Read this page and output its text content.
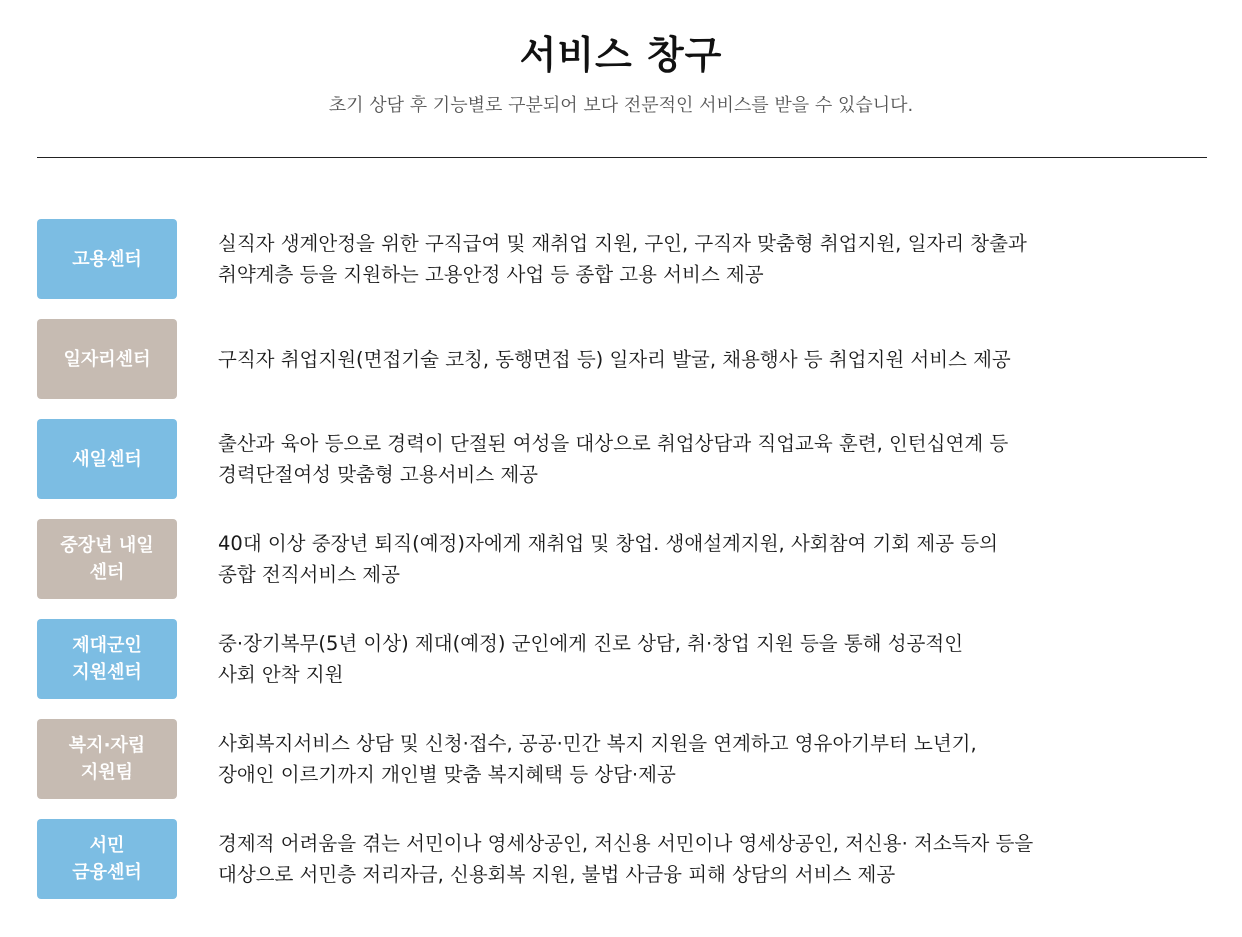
서비스 창구
초기 상담 후 기능별로 구분되어 보다 전문적인 서비스를 받을 수 있습니다.
고용센터
실직자 생계안정을 위한 구직급여 및 재취업 지원, 구인, 구직자 맞춤형 취업지원, 일자리 창출과
취약계층 등을 지원하는 고용안정 사업 등 종합 고용 서비스 제공
일자리센터	구직자 취업지원(면접기술 코칭, 동행면접 등) 일자리 발굴, 채용행사 등 취업지원 서비스 제공
새일센터
출산과 육아 등으로 경력이 단절된 여성을 대상으로 취업상담과 직업교육 훈련, 인턴십연계 등
경력단절여성 맞춤형 고용서비스 제공
중장년 내일
센터
40대 이상 중장년 퇴직(예정)자에게 재취업 및 창업. 생애설계지원, 사회참여 기회 제공 등의
종합 전직서비스 제공
제대군인
지원센터
중·장기복무(5년 이상) 제대(예정) 군인에게 진로 상담, 취·창업 지원 등을 통해 성공적인
사회 안착 지원
복지·자립
지원팀
사회복지서비스 상담 및 신청·접수, 공공·민간 복지 지원을 연계하고 영유아기부터 노년기,
장애인 이르기까지 개인별 맞춤 복지혜택 등 상담·제공
서민
금융센터
경제적 어려움을 겪는 서민이나 영세상공인, 저신용 서민이나 영세상공인, 저신용· 저소득자 등을
대상으로 서민층 저리자금, 신용회복 지원, 불법 사금융 피해 상담의 서비스 제공
